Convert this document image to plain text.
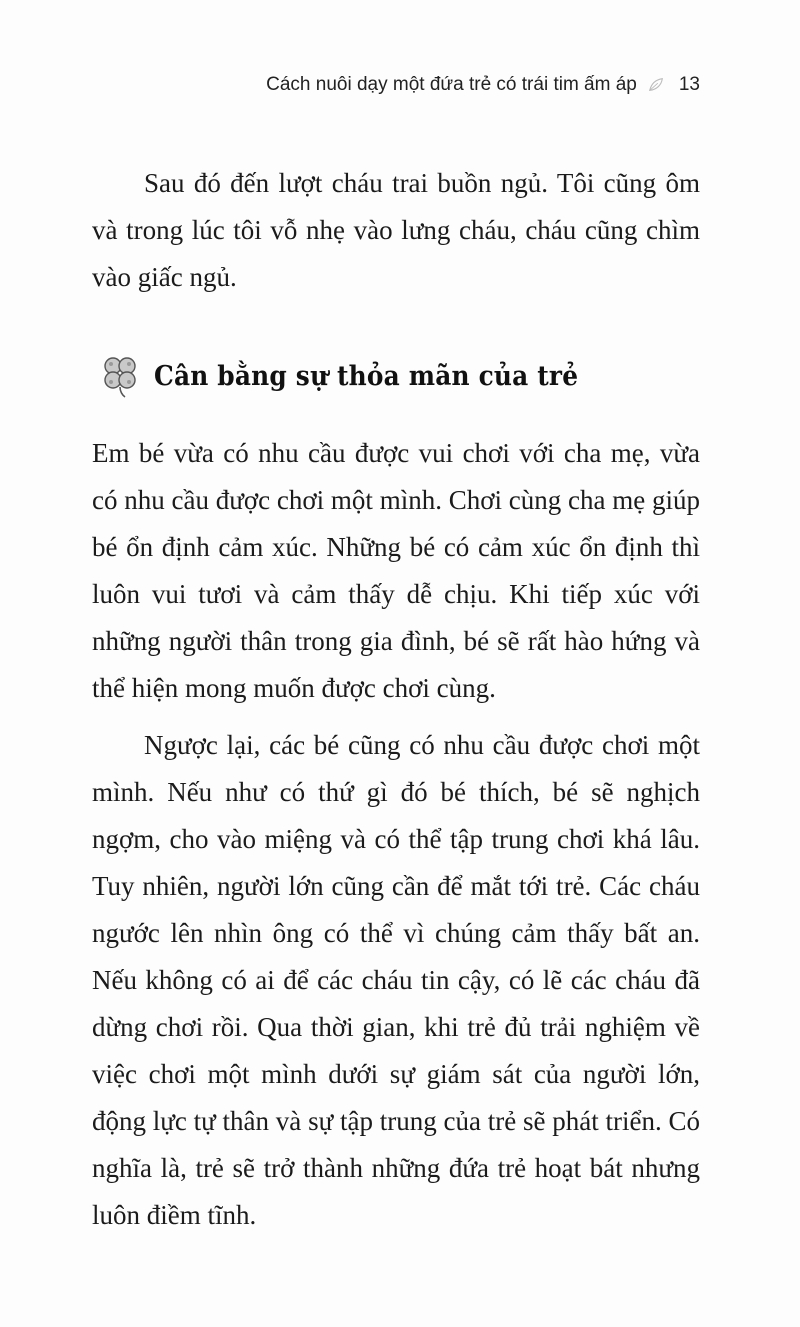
Cách nuôi dạy một đứa trẻ có trái tim ấm áp 13

Sau đó đến lượt cháu trai buồn ngủ. Tôi cũng ôm và trong lúc tôi vỗ nhẹ vào lưng cháu, cháu cũng chìm vào giấc ngủ.

Cân bằng sự thỏa mãn của trẻ

Em bé vừa có nhu cầu được vui chơi với cha mẹ, vừa có nhu cầu được chơi một mình. Chơi cùng cha mẹ giúp bé ổn định cảm xúc. Những bé có cảm xúc ổn định thì luôn vui tươi và cảm thấy dễ chịu. Khi tiếp xúc với những người thân trong gia đình, bé sẽ rất hào hứng và thể hiện mong muốn được chơi cùng.

Ngược lại, các bé cũng có nhu cầu được chơi một mình. Nếu như có thứ gì đó bé thích, bé sẽ nghịch ngợm, cho vào miệng và có thể tập trung chơi khá lâu. Tuy nhiên, người lớn cũng cần để mắt tới trẻ. Các cháu ngước lên nhìn ông có thể vì chúng cảm thấy bất an. Nếu không có ai để các cháu tin cậy, có lẽ các cháu đã dừng chơi rồi. Qua thời gian, khi trẻ đủ trải nghiệm về việc chơi một mình dưới sự giám sát của người lớn, động lực tự thân và sự tập trung của trẻ sẽ phát triển. Có nghĩa là, trẻ sẽ trở thành những đứa trẻ hoạt bát nhưng luôn điềm tĩnh.
